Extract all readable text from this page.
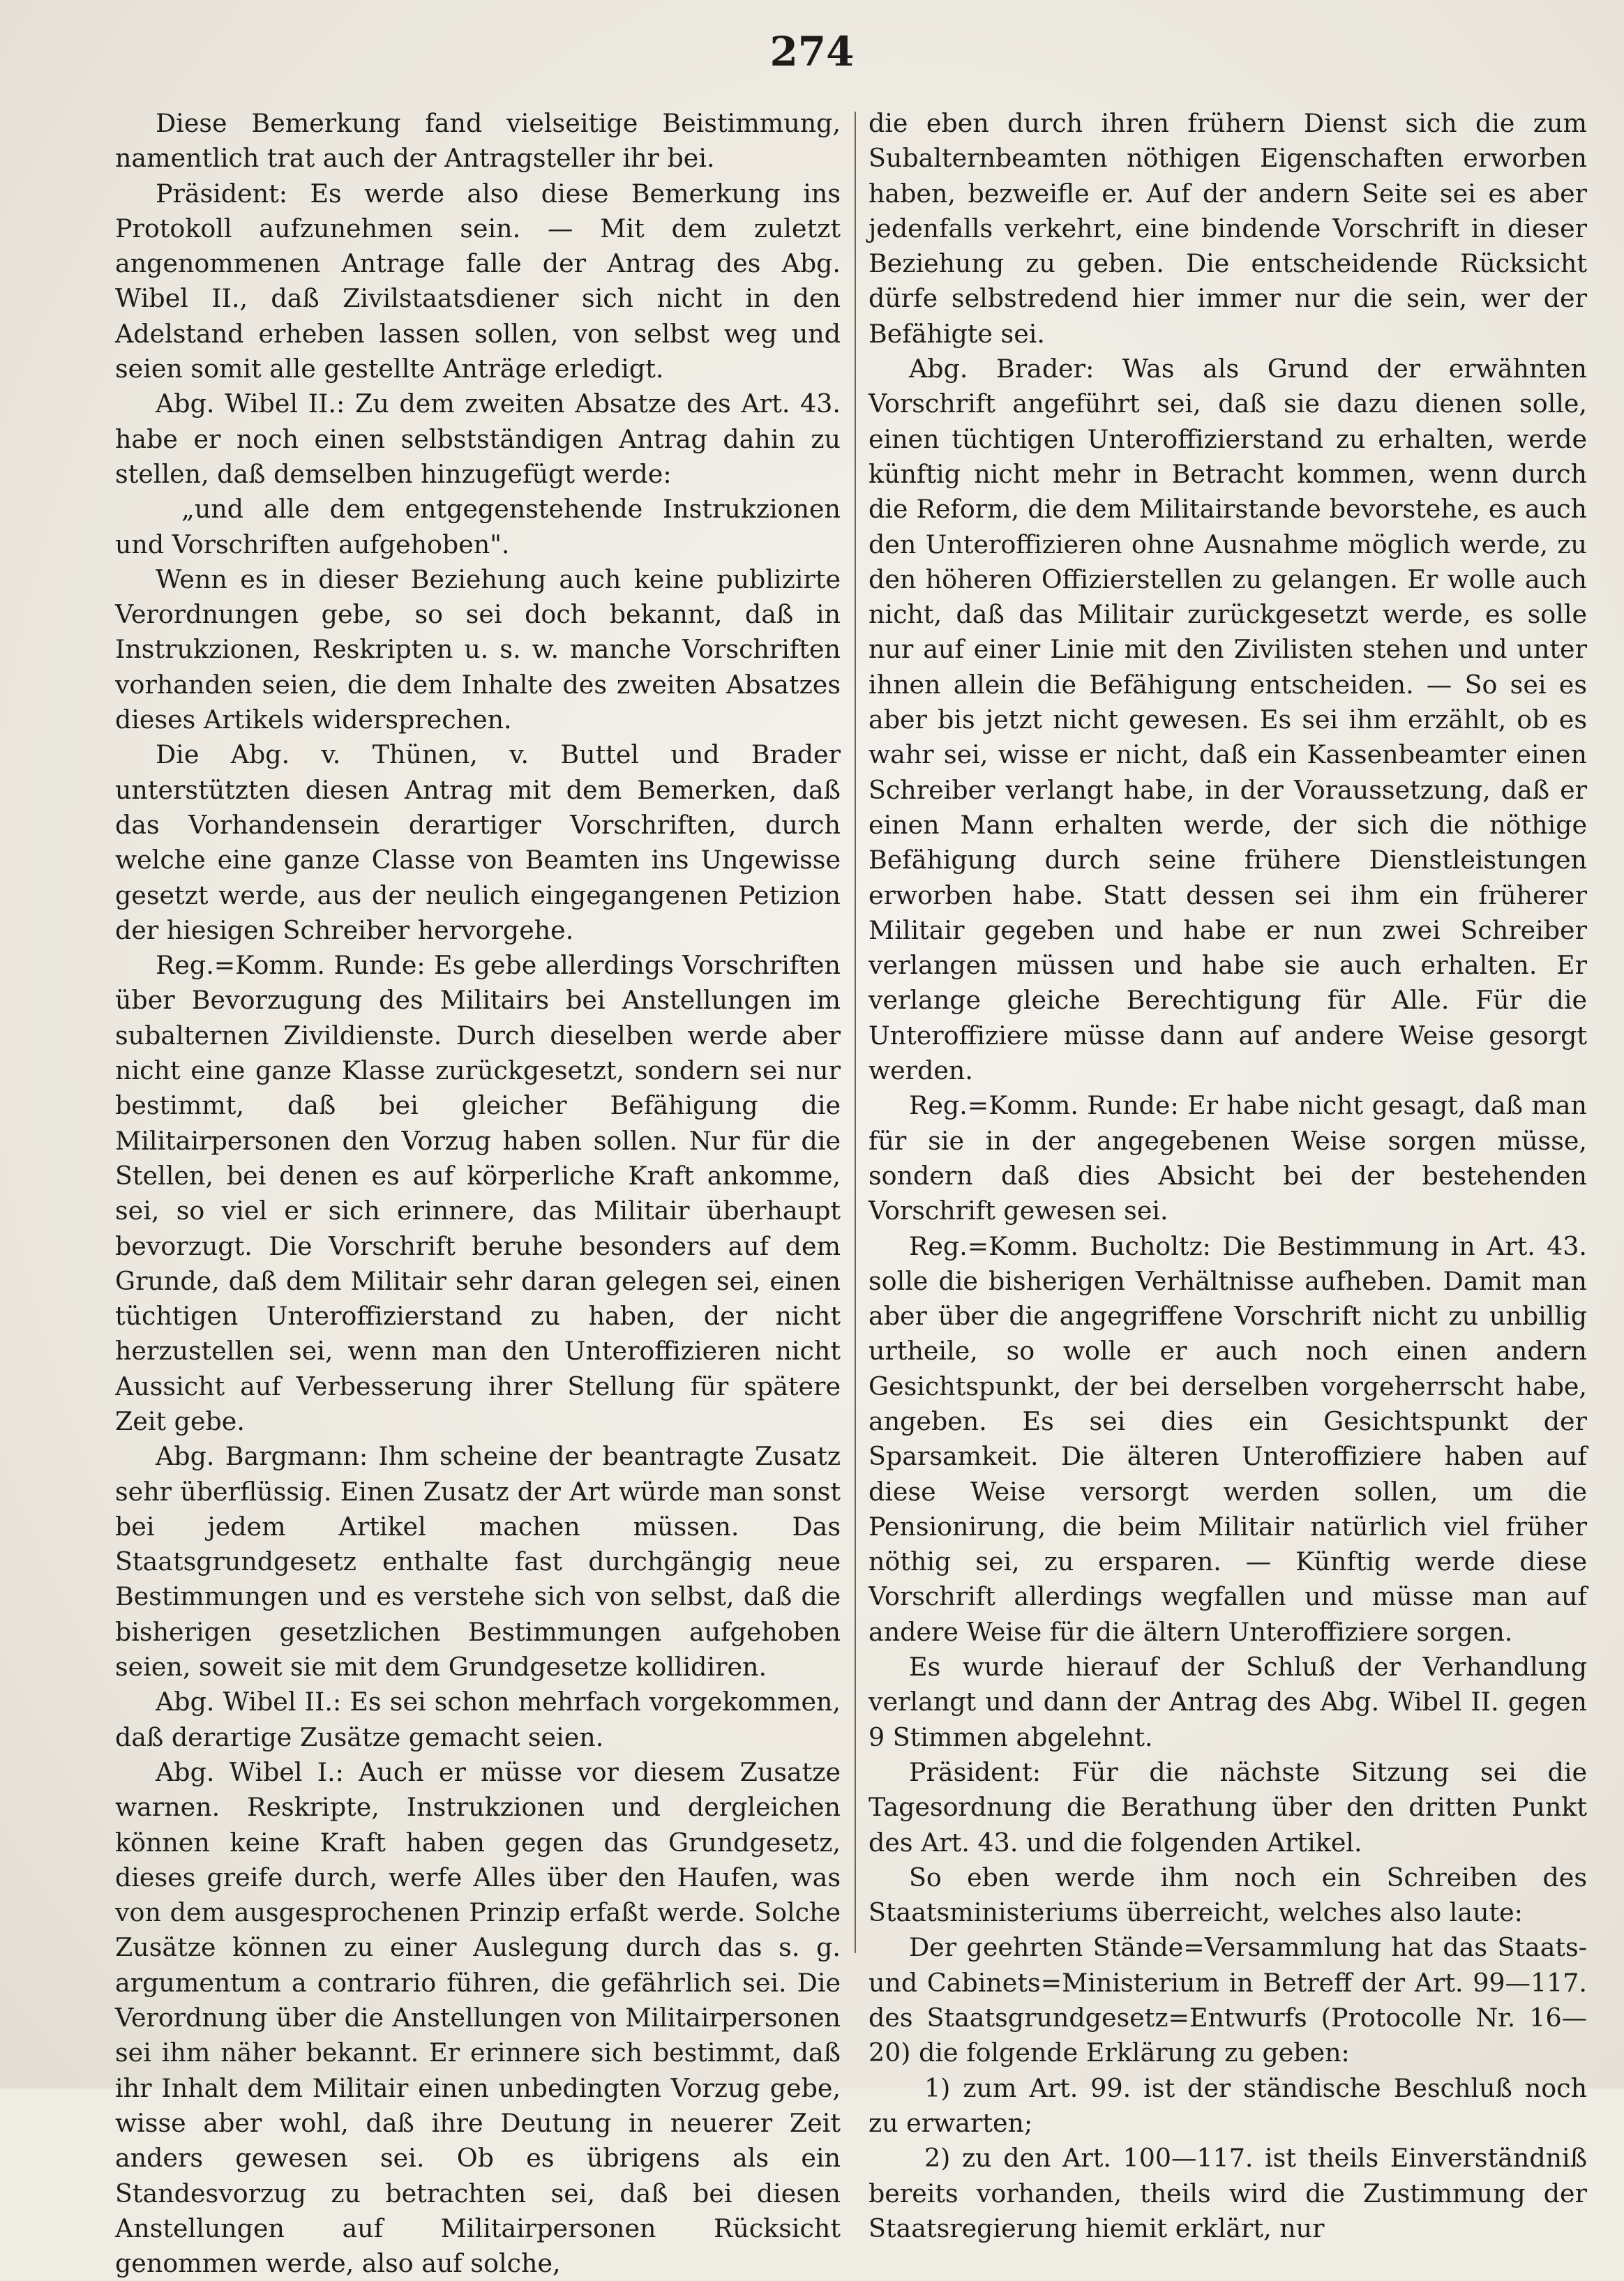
274

Diese Bemerkung fand vielseitige Beistimmung, namentlich trat auch der Antragsteller ihr bei.

Präsident: Es werde also diese Bemerkung ins Protokoll aufzunehmen sein. — Mit dem zuletzt angenommenen Antrage falle der Antrag des Abg. Wibel II., daß Zivilstaatsdiener sich nicht in den Adelstand erheben lassen sollen, von selbst weg und seien somit alle gestellte Anträge erledigt.

Abg. Wibel II.: Zu dem zweiten Absatze des Art. 43. habe er noch einen selbstständigen Antrag dahin zu stellen, daß demselben hinzugefügt werde:

„und alle dem entgegenstehende Instrukzionen und Vorschriften aufgehoben".

Wenn es in dieser Beziehung auch keine publizirte Verordnungen gebe, so sei doch bekannt, daß in Instrukzionen, Reskripten u. s. w. manche Vorschriften vorhanden seien, die dem Inhalte des zweiten Absatzes dieses Artikels widersprechen.

Die Abg. v. Thünen, v. Buttel und Brader unterstützten diesen Antrag mit dem Bemerken, daß das Vorhandensein derartiger Vorschriften, durch welche eine ganze Classe von Beamten ins Ungewisse gesetzt werde, aus der neulich eingegangenen Petizion der hiesigen Schreiber hervorgehe.

Reg.=Komm. Runde: Es gebe allerdings Vorschriften über Bevorzugung des Militairs bei Anstellungen im subalternen Zivildienste. Durch dieselben werde aber nicht eine ganze Klasse zurückgesetzt, sondern sei nur bestimmt, daß bei gleicher Befähigung die Militairpersonen den Vorzug haben sollen. Nur für die Stellen, bei denen es auf körperliche Kraft ankomme, sei, so viel er sich erinnere, das Militair überhaupt bevorzugt. Die Vorschrift beruhe besonders auf dem Grunde, daß dem Militair sehr daran gelegen sei, einen tüchtigen Unteroffizierstand zu haben, der nicht herzustellen sei, wenn man den Unteroffizieren nicht Aussicht auf Verbesserung ihrer Stellung für spätere Zeit gebe.

Abg. Bargmann: Ihm scheine der beantragte Zusatz sehr überflüssig. Einen Zusatz der Art würde man sonst bei jedem Artikel machen müssen. Das Staatsgrundgesetz enthalte fast durchgängig neue Bestimmungen und es verstehe sich von selbst, daß die bisherigen gesetzlichen Bestimmungen aufgehoben seien, soweit sie mit dem Grundgesetze kollidiren.

Abg. Wibel II.: Es sei schon mehrfach vorgekommen, daß derartige Zusätze gemacht seien.

Abg. Wibel I.: Auch er müsse vor diesem Zusatze warnen. Reskripte, Instrukzionen und dergleichen können keine Kraft haben gegen das Grundgesetz, dieses greife durch, werfe Alles über den Haufen, was von dem ausgesprochenen Prinzip erfaßt werde. Solche Zusätze können zu einer Auslegung durch das s. g. argumentum a contrario führen, die gefährlich sei. Die Verordnung über die Anstellungen von Militairpersonen sei ihm näher bekannt. Er erinnere sich bestimmt, daß ihr Inhalt dem Militair einen unbedingten Vorzug gebe, wisse aber wohl, daß ihre Deutung in neuerer Zeit anders gewesen sei. Ob es übrigens als ein Standesvorzug zu betrachten sei, daß bei diesen Anstellungen auf Militairpersonen Rücksicht genommen werde, also auf solche,

die eben durch ihren frühern Dienst sich die zum Subalternbeamten nöthigen Eigenschaften erworben haben, bezweifle er. Auf der andern Seite sei es aber jedenfalls verkehrt, eine bindende Vorschrift in dieser Beziehung zu geben. Die entscheidende Rücksicht dürfe selbstredend hier immer nur die sein, wer der Befähigte sei.

Abg. Brader: Was als Grund der erwähnten Vorschrift angeführt sei, daß sie dazu dienen solle, einen tüchtigen Unteroffizierstand zu erhalten, werde künftig nicht mehr in Betracht kommen, wenn durch die Reform, die dem Militairstande bevorstehe, es auch den Unteroffizieren ohne Ausnahme möglich werde, zu den höheren Offizierstellen zu gelangen. Er wolle auch nicht, daß das Militair zurückgesetzt werde, es solle nur auf einer Linie mit den Zivilisten stehen und unter ihnen allein die Befähigung entscheiden. — So sei es aber bis jetzt nicht gewesen. Es sei ihm erzählt, ob es wahr sei, wisse er nicht, daß ein Kassenbeamter einen Schreiber verlangt habe, in der Voraussetzung, daß er einen Mann erhalten werde, der sich die nöthige Befähigung durch seine frühere Dienstleistungen erworben habe. Statt dessen sei ihm ein früherer Militair gegeben und habe er nun zwei Schreiber verlangen müssen und habe sie auch erhalten. Er verlange gleiche Berechtigung für Alle. Für die Unteroffiziere müsse dann auf andere Weise gesorgt werden.

Reg.=Komm. Runde: Er habe nicht gesagt, daß man für sie in der angegebenen Weise sorgen müsse, sondern daß dies Absicht bei der bestehenden Vorschrift gewesen sei.

Reg.=Komm. Bucholtz: Die Bestimmung in Art. 43. solle die bisherigen Verhältnisse aufheben. Damit man aber über die angegriffene Vorschrift nicht zu unbillig urtheile, so wolle er auch noch einen andern Gesichtspunkt, der bei derselben vorgeherrscht habe, angeben. Es sei dies ein Gesichtspunkt der Sparsamkeit. Die älteren Unteroffiziere haben auf diese Weise versorgt werden sollen, um die Pensionirung, die beim Militair natürlich viel früher nöthig sei, zu ersparen. — Künftig werde diese Vorschrift allerdings wegfallen und müsse man auf andere Weise für die ältern Unteroffiziere sorgen.

Es wurde hierauf der Schluß der Verhandlung verlangt und dann der Antrag des Abg. Wibel II. gegen 9 Stimmen abgelehnt.

Präsident: Für die nächste Sitzung sei die Tagesordnung die Berathung über den dritten Punkt des Art. 43. und die folgenden Artikel.

So eben werde ihm noch ein Schreiben des Staatsministeriums überreicht, welches also laute:

Der geehrten Stände=Versammlung hat das Staats- und Cabinets=Ministerium in Betreff der Art. 99—117. des Staatsgrundgesetz=Entwurfs (Protocolle Nr. 16—20) die folgende Erklärung zu geben:

1) zum Art. 99. ist der ständische Beschluß noch zu erwarten;

2) zu den Art. 100—117. ist theils Einverständniß bereits vorhanden, theils wird die Zustimmung der Staatsregierung hiemit erklärt, nur
